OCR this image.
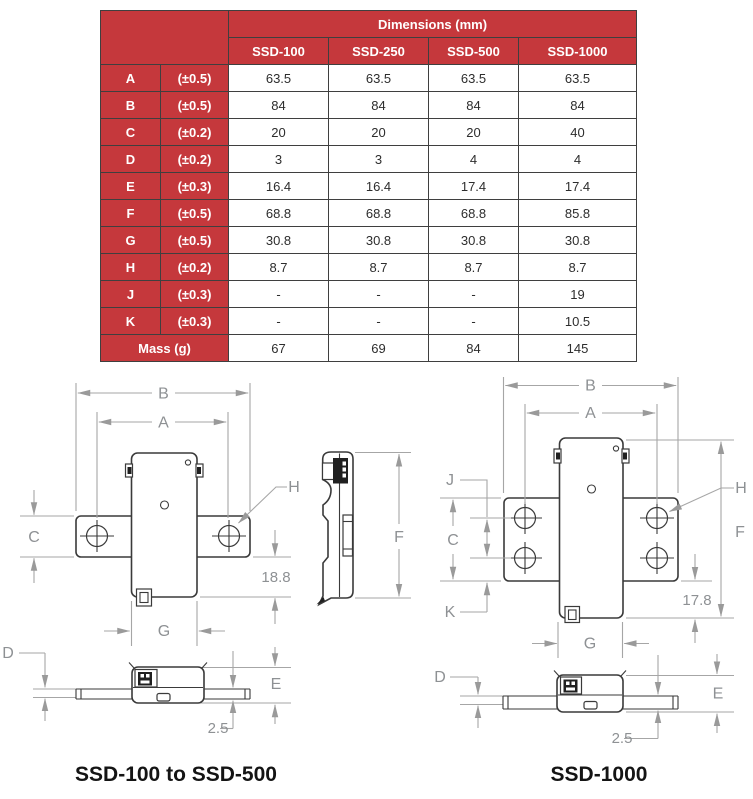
		Dimensions (mm)			
		SSD-100	SSD-250	SSD-500	SSD-1000
A	(±0.5)	63.5	63.5	63.5	63.5
B	(±0.5)	84	84	84	84
C	(±0.2)	20	20	20	40
D	(±0.2)	3	3	4	4
E	(±0.3)	16.4	16.4	17.4	17.4
F	(±0.5)	68.8	68.8	68.8	85.8
G	(±0.5)	30.8	30.8	30.8	30.8
H	(±0.2)	8.7	8.7	8.7	8.7
J	(±0.3)	-	-	-	19
K	(±0.3)	-	-	-	10.5
Mass (g)		67	69	84	145
B
A
H
C
18.8
G
E
2.5
D
F
SSD-100 to SSD-500
B
A
J
C
K
H
F
17.8
G
D
E
2.5
SSD-1000
